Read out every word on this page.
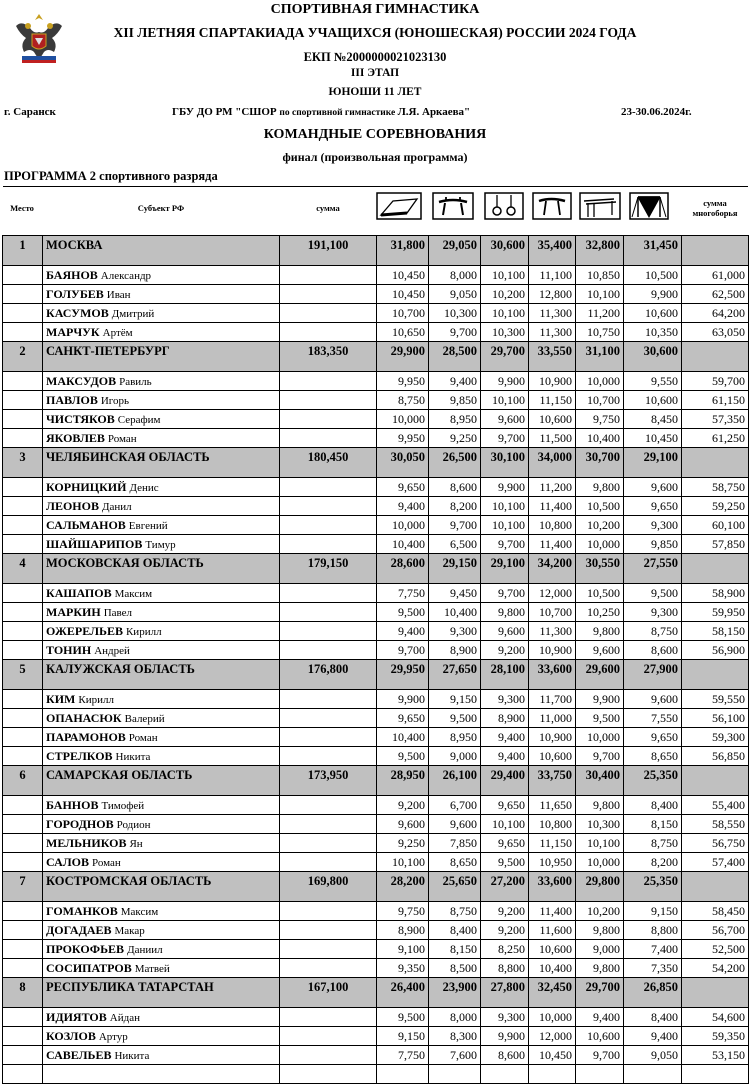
СПОРТИВНАЯ ГИМНАСТИКА
XII ЛЕТНЯЯ СПАРТАКИАДА УЧАЩИХСЯ (ЮНОШЕСКАЯ) РОССИИ 2024 ГОДА
ЕКП №2000000021023130
III ЭТАП
ЮНОШИ 11 ЛЕТ
г. Саранск	ГБУ ДО РМ "СШОР по спортивной гимнастике Л.Я. Аркаева"	23-30.06.2024г.
КОМАНДНЫЕ СОРЕВНОВАНИЯ
финал (произвольная программа)
ПРОГРАММА 2 спортивного разряда
Место	Субъект РФ	сумма	сумма
многоборья
1	МОСКВА	191,100	31,800	29,050	30,600	35,400	32,800	31,450	
	БАЯНОВ Александр		10,450	8,000	10,100	11,100	10,850	10,500	61,000
	ГОЛУБЕВ Иван		10,450	9,050	10,200	12,800	10,100	9,900	62,500
	КАСУМОВ Дмитрий		10,700	10,300	10,100	11,300	11,200	10,600	64,200
	МАРЧУК Артём		10,650	9,700	10,300	11,300	10,750	10,350	63,050
2	САНКТ-ПЕТЕРБУРГ	183,350	29,900	28,500	29,700	33,550	31,100	30,600	
	МАКСУДОВ Равиль		9,950	9,400	9,900	10,900	10,000	9,550	59,700
	ПАВЛОВ Игорь		8,750	9,850	10,100	11,150	10,700	10,600	61,150
	ЧИСТЯКОВ Серафим		10,000	8,950	9,600	10,600	9,750	8,450	57,350
	ЯКОВЛЕВ Роман		9,950	9,250	9,700	11,500	10,400	10,450	61,250
3	ЧЕЛЯБИНСКАЯ ОБЛАСТЬ	180,450	30,050	26,500	30,100	34,000	30,700	29,100	
	КОРНИЦКИЙ Денис		9,650	8,600	9,900	11,200	9,800	9,600	58,750
	ЛЕОНОВ Данил		9,400	8,200	10,100	11,400	10,500	9,650	59,250
	САЛЬМАНОВ Евгений		10,000	9,700	10,100	10,800	10,200	9,300	60,100
	ШАЙШАРИПОВ Тимур		10,400	6,500	9,700	11,400	10,000	9,850	57,850
4	МОСКОВСКАЯ ОБЛАСТЬ	179,150	28,600	29,150	29,100	34,200	30,550	27,550	
	КАШАПОВ Максим		7,750	9,450	9,700	12,000	10,500	9,500	58,900
	МАРКИН Павел		9,500	10,400	9,800	10,700	10,250	9,300	59,950
	ОЖЕРЕЛЬЕВ Кирилл		9,400	9,300	9,600	11,300	9,800	8,750	58,150
	ТОНИН Андрей		9,700	8,900	9,200	10,900	9,600	8,600	56,900
5	КАЛУЖСКАЯ ОБЛАСТЬ	176,800	29,950	27,650	28,100	33,600	29,600	27,900	
	КИМ Кирилл		9,900	9,150	9,300	11,700	9,900	9,600	59,550
	ОПАНАСЮК Валерий		9,650	9,500	8,900	11,000	9,500	7,550	56,100
	ПАРАМОНОВ Роман		10,400	8,950	9,400	10,900	10,000	9,650	59,300
	СТРЕЛКОВ Никита		9,500	9,000	9,400	10,600	9,700	8,650	56,850
6	САМАРСКАЯ ОБЛАСТЬ	173,950	28,950	26,100	29,400	33,750	30,400	25,350	
	БАННОВ Тимофей		9,200	6,700	9,650	11,650	9,800	8,400	55,400
	ГОРОДНОВ Родион		9,600	9,600	10,100	10,800	10,300	8,150	58,550
	МЕЛЬНИКОВ Ян		9,250	7,850	9,650	11,150	10,100	8,750	56,750
	САЛОВ Роман		10,100	8,650	9,500	10,950	10,000	8,200	57,400
7	КОСТРОМСКАЯ ОБЛАСТЬ	169,800	28,200	25,650	27,200	33,600	29,800	25,350	
	ГОМАНКОВ Максим		9,750	8,750	9,200	11,400	10,200	9,150	58,450
	ДОГАДАЕВ Макар		8,900	8,400	9,200	11,600	9,800	8,800	56,700
	ПРОКОФЬЕВ Даниил		9,100	8,150	8,250	10,600	9,000	7,400	52,500
	СОСИПАТРОВ Матвей		9,350	8,500	8,800	10,400	9,800	7,350	54,200
8	РЕСПУБЛИКА ТАТАРСТАН	167,100	26,400	23,900	27,800	32,450	29,700	26,850	
	ИДИЯТОВ Айдан		9,500	8,000	9,300	10,000	9,400	8,400	54,600
	КОЗЛОВ Артур		9,150	8,300	9,900	12,000	10,600	9,400	59,350
	САВЕЛЬЕВ Никита		7,750	7,600	8,600	10,450	9,700	9,050	53,150
